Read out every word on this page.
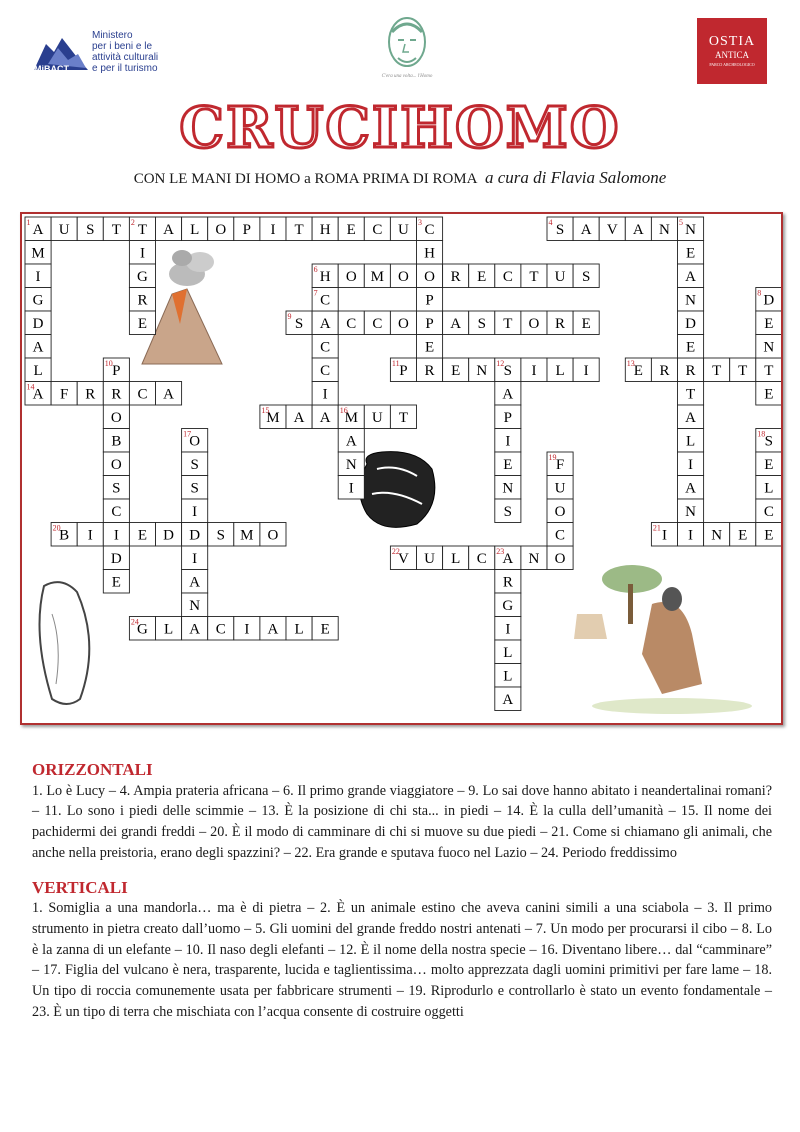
MiBACT
Ministero
per i beni e le
attività culturali
e per il turismo
C'era una volta... l'Homo
OSTIA
ANTICA
PARCO ARCHEOLOGICO
CRUCIHOMO
CON LE MANI DI HOMO a ROMA PRIMA DI ROMA a cura di Flavia Salomone
A
1 U S T T
2 A L O P I T H E C U C
3	S
4 A V A N N
5
H
6 O M O O R E C T U S
S
9 A C C O P A S T O R E
P
11 R E N S
12 I L I	E
13 R R T T T
A
14 F R R C A
M
15 A A M
16 U T
B
20 I I E D D S M O	I
21 I N E
V
22 U L C A
23 N O
G
24 L A C I A L E
M
I
G
D
A
L
I
G
R
E
H
P
E
E
A
N
D
E
T
A
L
I
A
N
C
7
C
C
I
D
8
E
N
E
P
10
O
B
O
S
C
D
E
A
P
I
E
N
S
A
N
I
O
17
S
S
I
I
A
N
S
18
E
L
C
E
F
19
U
O
C
R
G
I
L
L
A

ORIZZONTALI

1. Lo è Lucy – 4. Ampia prateria africana – 6. Il primo grande viaggiatore – 9. Lo sai dove hanno abitato i neandertalinai romani? – 11. Lo sono i piedi delle scimmie – 13. È la posizione di chi sta... in piedi – 14. È la culla dell’umanità – 15. Il nome dei pachidermi dei grandi freddi – 20. È il modo di camminare di chi si muove su due piedi – 21. Come si chiamano gli animali, che anche nella preistoria, erano degli spazzini? – 22. Era grande e sputava fuoco nel Lazio – 24. Periodo freddissimo

VERTICALI

1. Somiglia a una mandorla… ma è di pietra – 2. È un animale estino che aveva canini simili a una sciabola – 3. Il primo strumento in pietra creato dall’uomo – 5. Gli uomini del grande freddo nostri antenati – 7. Un modo per procurarsi il cibo – 8. Lo è la zanna di un elefante – 10. Il naso degli elefanti – 12. È il nome della nostra specie – 16. Diventano libere… dal “camminare” – 17. Figlia del vulcano è nera, trasparente, lucida e taglientissima… molto apprezzata dagli uomini primitivi per fare lame – 18. Un tipo di roccia comunemente usata per fabbricare strumenti – 19. Riprodurlo e controllarlo è stato un evento fondamentale – 23. È un tipo di terra che mischiata con l’acqua consente di costruire oggetti
